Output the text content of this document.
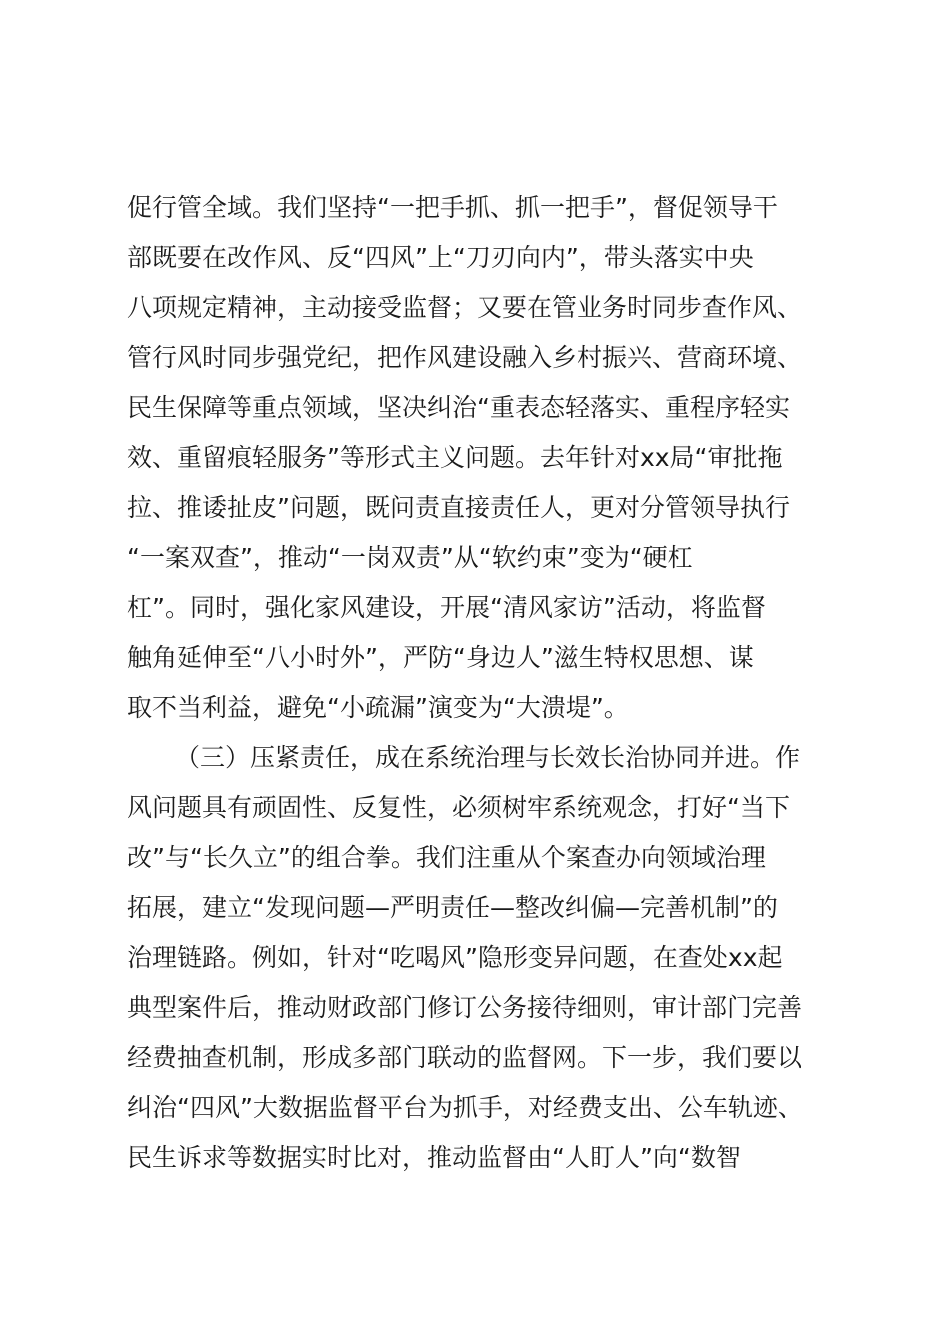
促行管全域。我们坚持“一把手抓、抓一把手”，督促领导干
部既要在改作风、反“四风”上“刀刃向内”，带头落实中央
八项规定精神，主动接受监督；又要在管业务时同步查作风、
管行风时同步强党纪，把作风建设融入乡村振兴、营商环境、
民生保障等重点领域，坚决纠治“重表态轻落实、重程序轻实
效、重留痕轻服务”等形式主义问题。去年针对xx局“审批拖
拉、推诿扯皮”问题，既问责直接责任人，更对分管领导执行
“一案双查”，推动“一岗双责”从“软约束”变为“硬杠
杠”。同时，强化家风建设，开展“清风家访”活动，将监督
触角延伸至“八小时外”，严防“身边人”滋生特权思想、谋
取不当利益，避免“小疏漏”演变为“大溃堤”。
（三）压紧责任，成在系统治理与长效长治协同并进。作
风问题具有顽固性、反复性，必须树牢系统观念，打好“当下
改”与“长久立”的组合拳。我们注重从个案查办向领域治理
拓展，建立“发现问题—严明责任—整改纠偏—完善机制”的
治理链路。例如，针对“吃喝风”隐形变异问题，在查处xx起
典型案件后，推动财政部门修订公务接待细则，审计部门完善
经费抽查机制，形成多部门联动的监督网。下一步，我们要以
纠治“四风”大数据监督平台为抓手，对经费支出、公车轨迹、
民生诉求等数据实时比对，推动监督由“人盯人”向“数智
